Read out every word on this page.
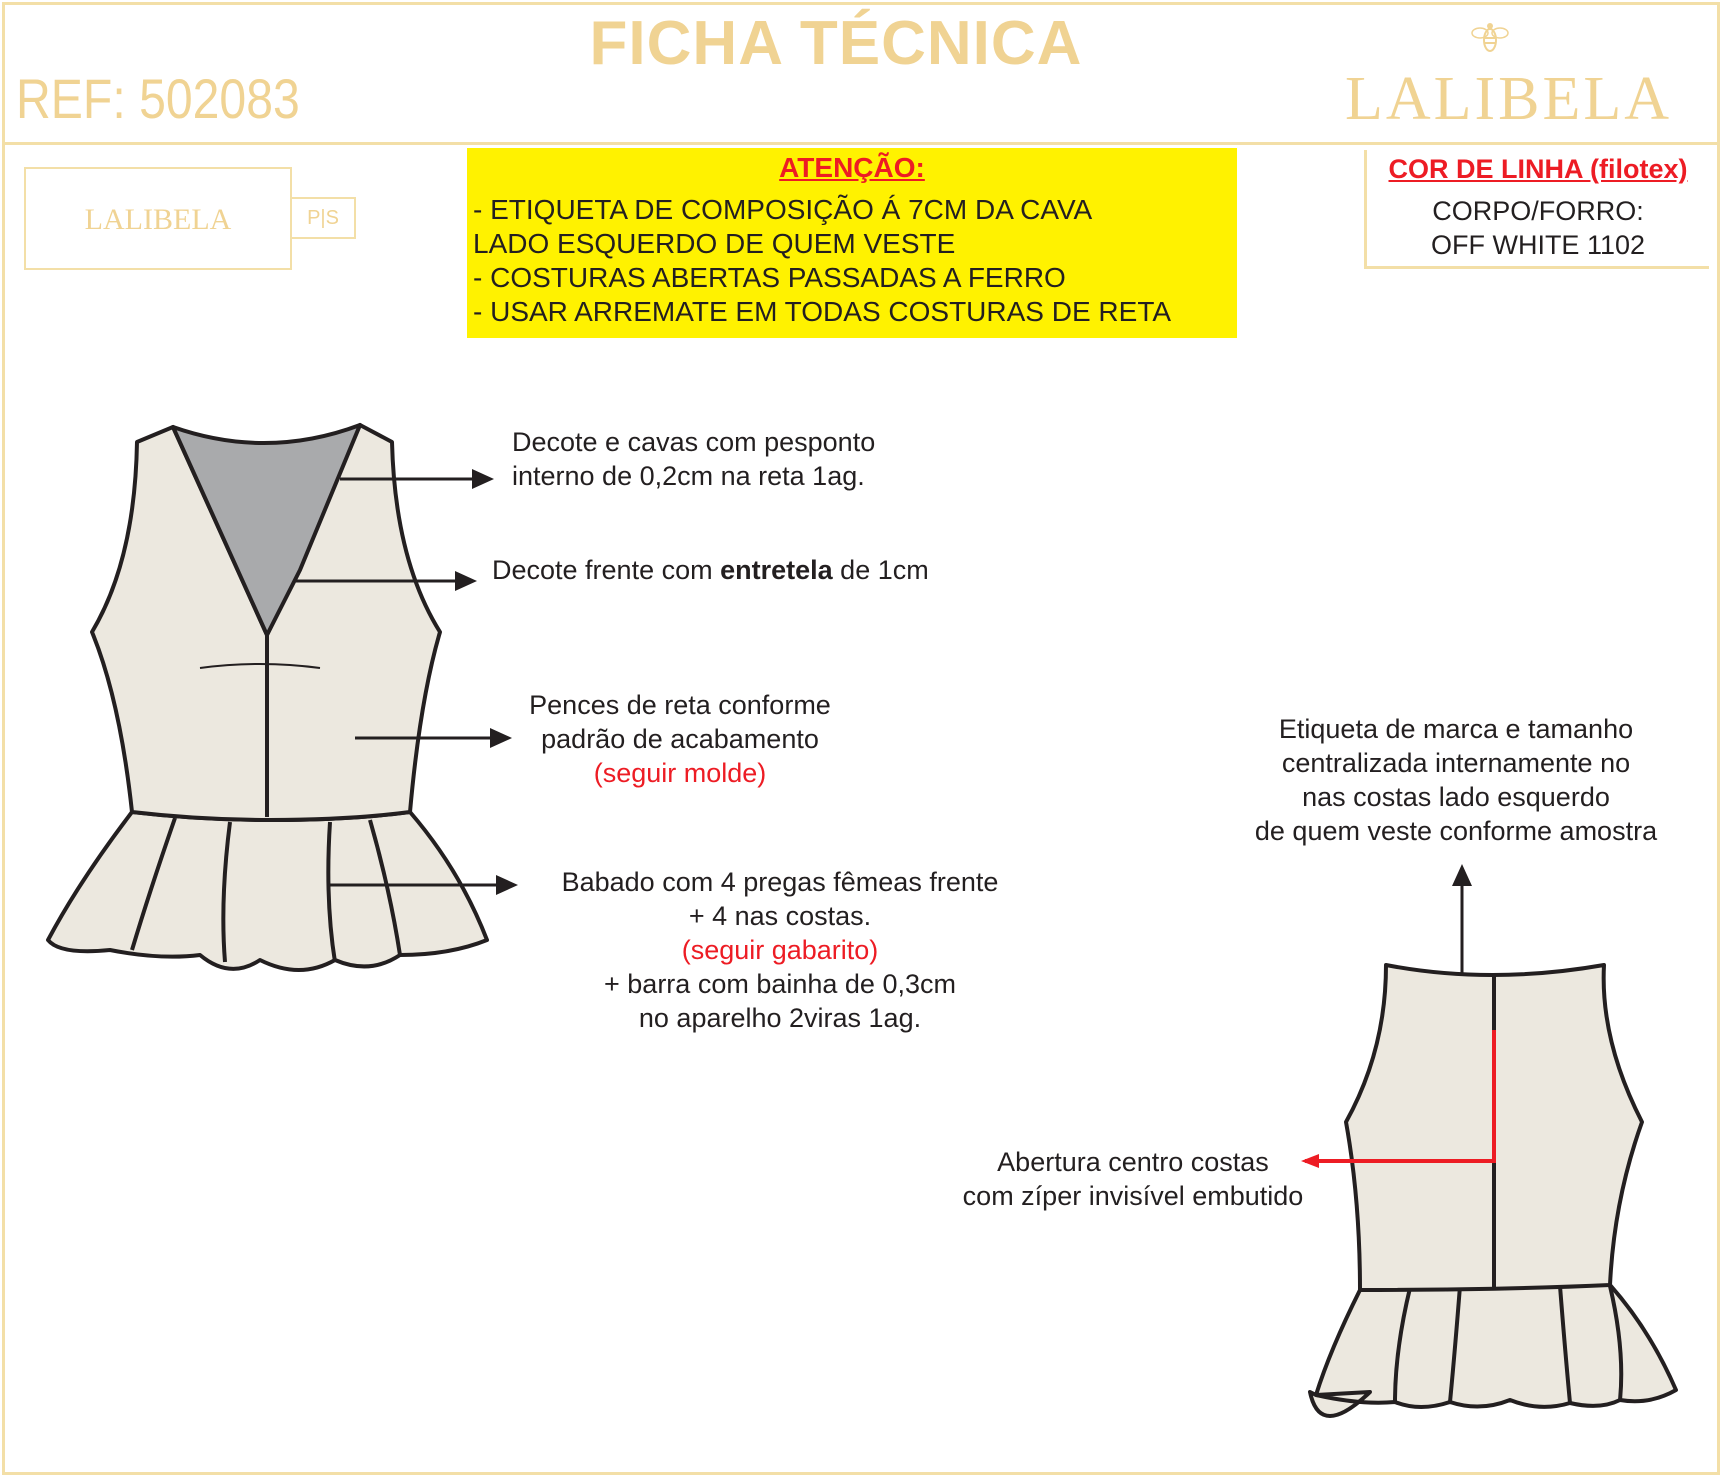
FICHA TÉCNICA
REF: 502083	LALIBELA
LALIBELA	P|S
ATENÇÃO:
- ETIQUETA DE COMPOSIÇÃO Á 7CM DA CAVA
LADO ESQUERDO DE QUEM VESTE
- COSTURAS ABERTAS PASSADAS A FERRO
- USAR ARREMATE EM TODAS COSTURAS DE RETA
COR DE LINHA (filotex)
CORPO/FORRO:
OFF WHITE 1102
Decote e cavas com pesponto
interno de 0,2cm na reta 1ag.
Decote frente com entretela de 1cm
Pences de reta conforme
padrão de acabamento
(seguir molde)
Babado com 4 pregas fêmeas frente
+ 4 nas costas.
(seguir gabarito)
+ barra com bainha de 0,3cm
no aparelho 2viras 1ag.
Etiqueta de marca e tamanho
centralizada internamente no
nas costas lado esquerdo
de quem veste conforme amostra
Abertura centro costas
com zíper invisível embutido
